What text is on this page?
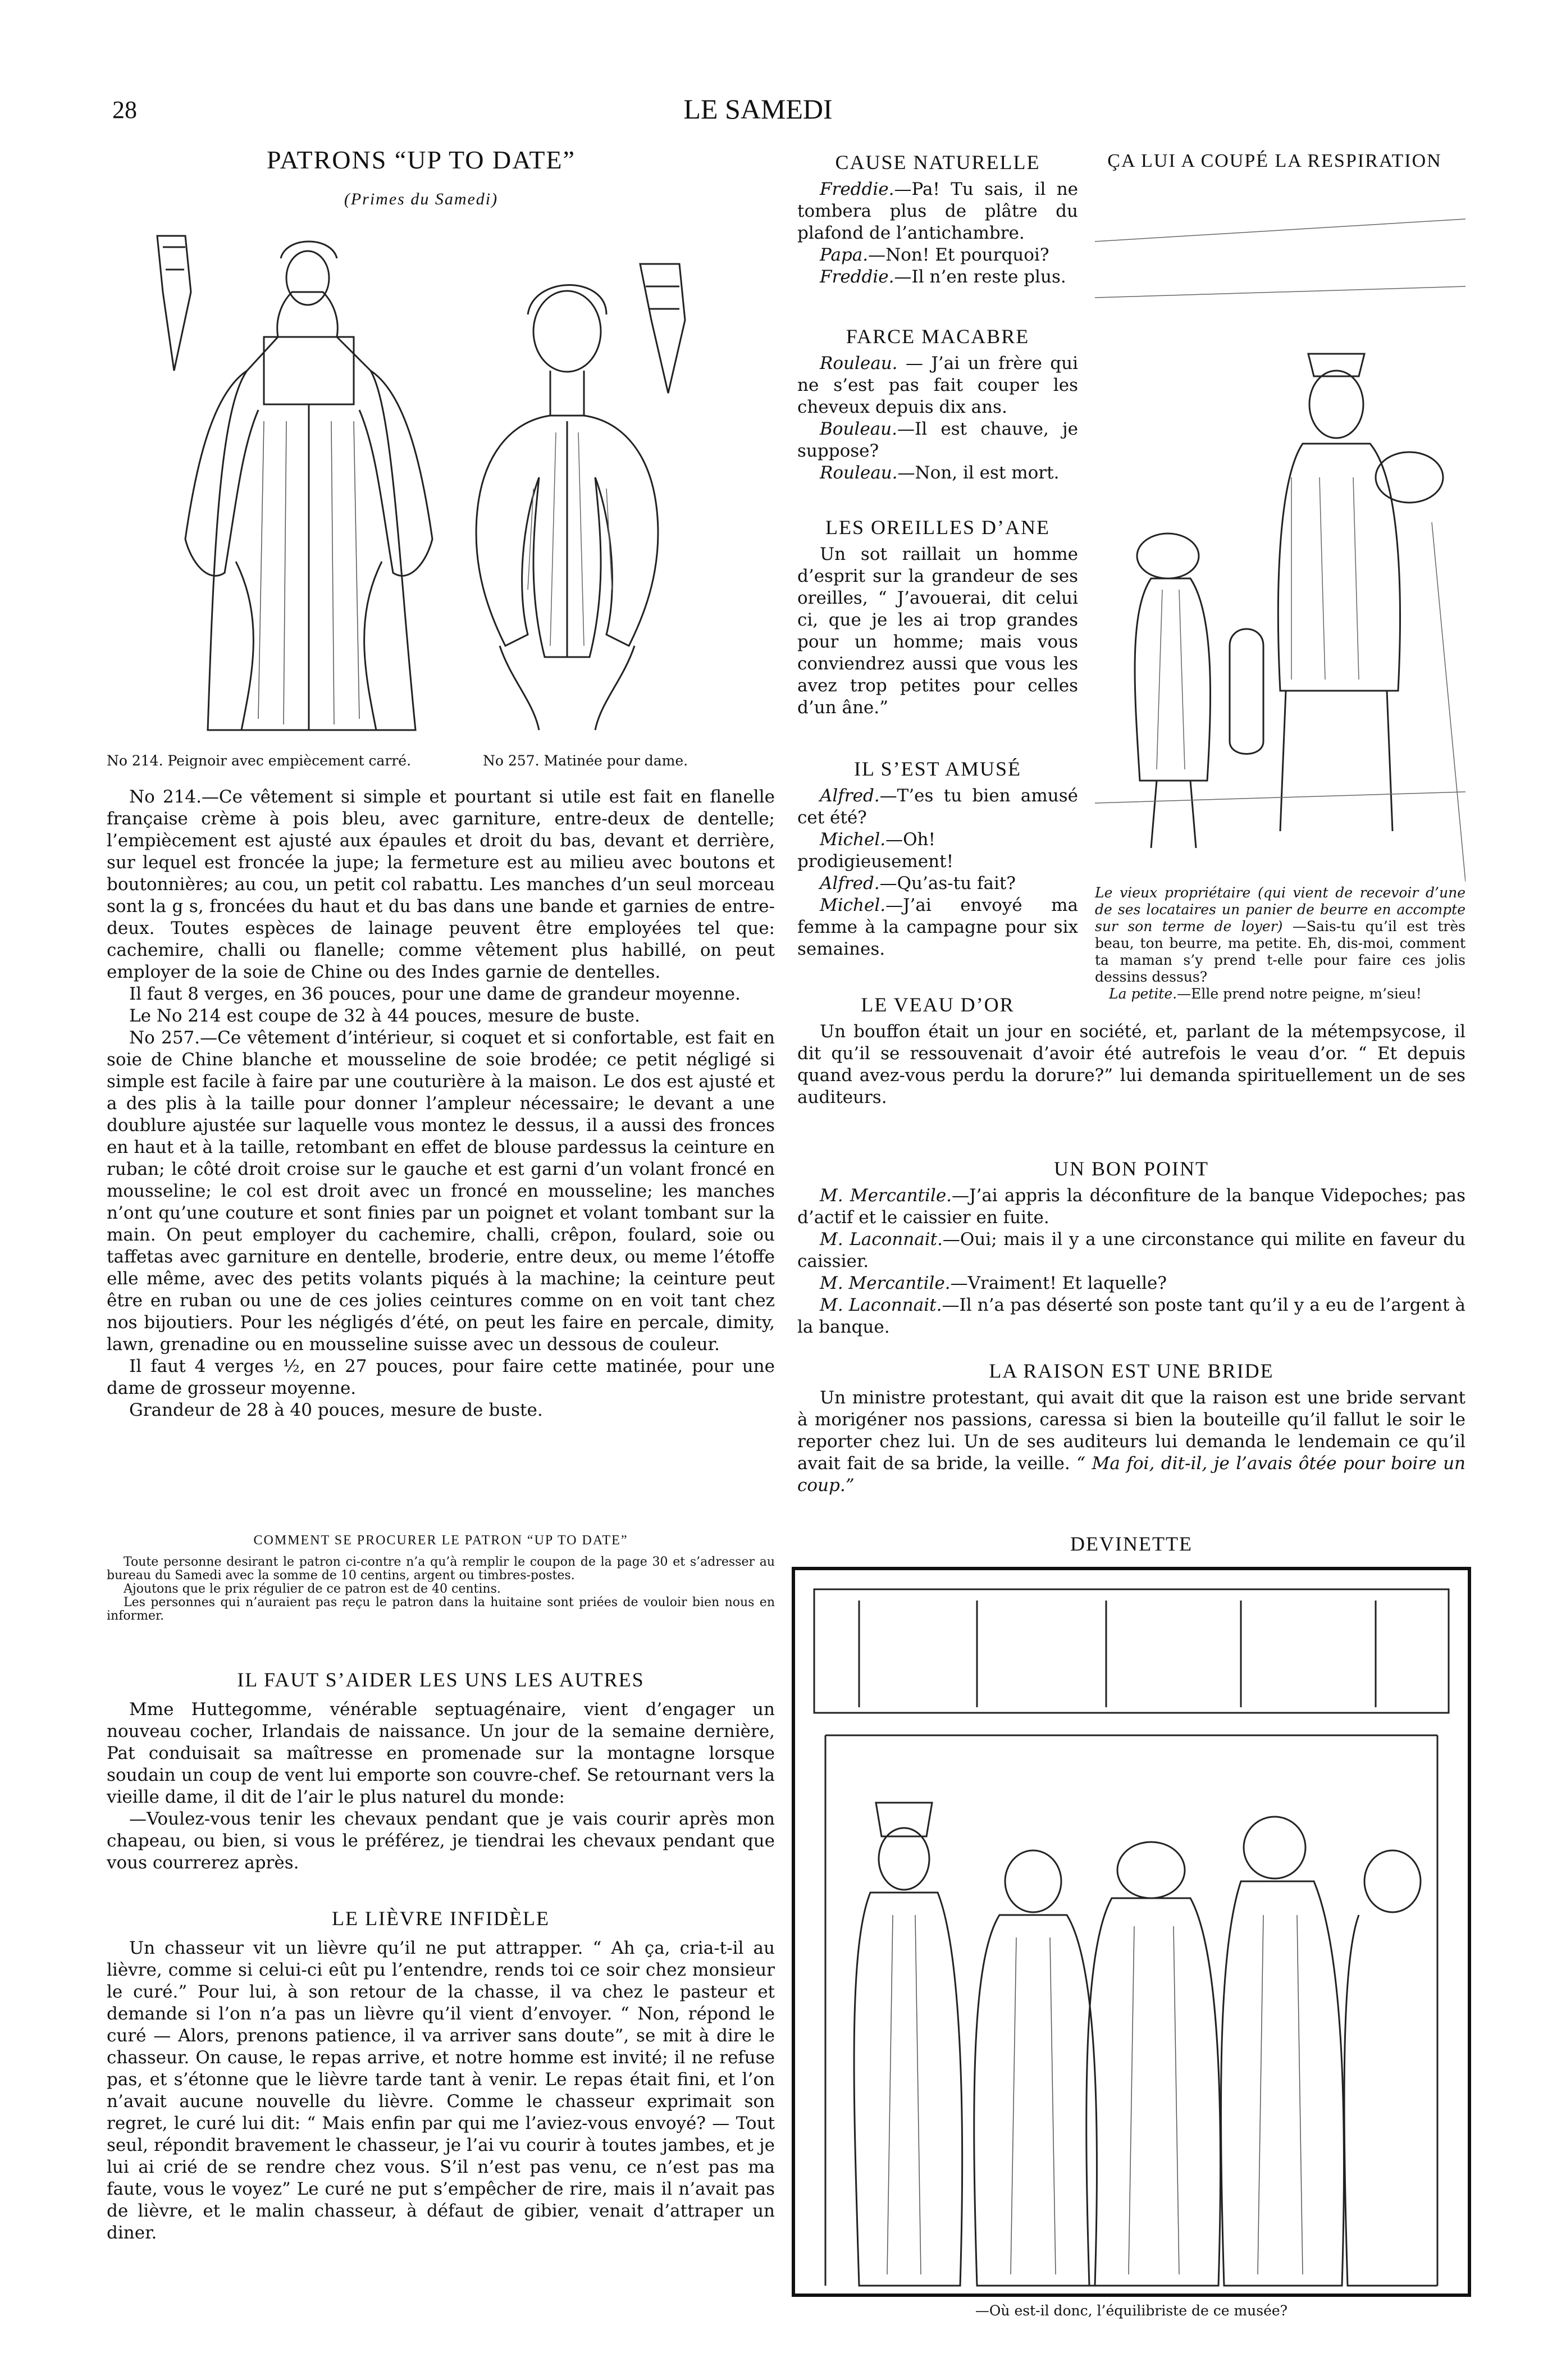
28	LE SAMEDI
PATRONS “UP TO DATE”
(Primes du Samedi)
No 214. Peignoir avec empiècement carré.	No 257. Matinée pour dame.

No 214.—Ce vêtement si simple et pourtant si utile est fait en flanelle française crème à pois bleu, avec garniture, entre-deux de dentelle; l’empiècement est ajusté aux épaules et droit du bas, devant et derrière, sur lequel est froncée la jupe; la fermeture est au milieu avec boutons et boutonnières; au cou, un petit col rabattu. Les manches d’un seul morceau sont la g s, froncées du haut et du bas dans une bande et garnies de entre-deux. Toutes espèces de lainage peuvent être employées tel que: cachemire, challi ou flanelle; comme vêtement plus habillé, on peut employer de la soie de Chine ou des Indes garnie de dentelles.

Il faut 8 verges, en 36 pouces, pour une dame de grandeur moyenne.

Le No 214 est coupe de 32 à 44 pouces, mesure de buste.

No 257.—Ce vêtement d’intérieur, si coquet et si confortable, est fait en soie de Chine blanche et mousseline de soie brodée; ce petit négligé si simple est facile à faire par une couturière à la maison. Le dos est ajusté et a des plis à la taille pour donner l’ampleur nécessaire; le devant a une doublure ajustée sur laquelle vous montez le dessus, il a aussi des fronces en haut et à la taille, retombant en effet de blouse pardessus la ceinture en ruban; le côté droit croise sur le gauche et est garni d’un volant froncé en mousseline; le col est droit avec un froncé en mousseline; les manches n’ont qu’une couture et sont finies par un poignet et volant tombant sur la main. On peut employer du cachemire, challi, crêpon, foulard, soie ou taffetas avec garniture en dentelle, broderie, entre deux, ou meme l’étoffe elle même, avec des petits volants piqués à la machine; la ceinture peut être en ruban ou une de ces jolies ceintures comme on en voit tant chez nos bijoutiers. Pour les négligés d’été, on peut les faire en percale, dimity, lawn, grenadine ou en mousseline suisse avec un dessous de couleur.

Il faut 4 verges ½, en 27 pouces, pour faire cette matinée, pour une dame de grosseur moyenne.

Grandeur de 28 à 40 pouces, mesure de buste.

COMMENT SE PROCURER LE PATRON “UP TO DATE”
Toute personne desirant le patron ci-contre n’a qu’à remplir le coupon de la page 30 et s’adresser au bureau du Samedi avec la somme de 10 centins, argent ou timbres-postes.
Ajoutons que le prix régulier de ce patron est de 40 centins.
Les personnes qui n’auraient pas reçu le patron dans la huitaine sont priées de vouloir bien nous en informer.
IL FAUT S’AIDER LES UNS LES AUTRES

Mme Huttegomme, vénérable septuagénaire, vient d’engager un nouveau cocher, Irlandais de naissance. Un jour de la semaine dernière, Pat conduisait sa maîtresse en promenade sur la montagne lorsque soudain un coup de vent lui emporte son couvre-chef. Se retournant vers la vieille dame, il dit de l’air le plus naturel du monde:

—Voulez-vous tenir les chevaux pendant que je vais courir après mon chapeau, ou bien, si vous le préférez, je tiendrai les chevaux pendant que vous courrerez après.

LE LIÈVRE INFIDÈLE

Un chasseur vit un lièvre qu’il ne put attrapper. “ Ah ça, cria-t-il au lièvre, comme si celui-ci eût pu l’entendre, rends toi ce soir chez monsieur le curé.” Pour lui, à son retour de la chasse, il va chez le pasteur et demande si l’on n’a pas un lièvre qu’il vient d’envoyer. “ Non, répond le curé — Alors, prenons patience, il va arriver sans doute”, se mit à dire le chasseur. On cause, le repas arrive, et notre homme est invité; il ne refuse pas, et s’étonne que le lièvre tarde tant à venir. Le repas était fini, et l’on n’avait aucune nouvelle du lièvre. Comme le chasseur exprimait son regret, le curé lui dit: “ Mais enfin par qui me l’aviez-vous envoyé? — Tout seul, répondit bravement le chasseur, je l’ai vu courir à toutes jambes, et je lui ai crié de se rendre chez vous. S’il n’est pas venu, ce n’est pas ma faute, vous le voyez” Le curé ne put s’empêcher de rire, mais il n’avait pas de lièvre, et le malin chasseur, à défaut de gibier, venait d’attraper un diner.

CAUSE NATURELLE

Freddie.—Pa! Tu sais, il ne tombera plus de plâtre du plafond de l’antichambre.

Papa.—Non! Et pourquoi?

Freddie.—Il n’en reste plus.

FARCE MACABRE

Rouleau. — J’ai un frère qui ne s’est pas fait couper les cheveux depuis dix ans.

Bouleau.—Il est chauve, je suppose?

Rouleau.—Non, il est mort.

LES OREILLES D’ANE

Un sot raillait un homme d’esprit sur la grandeur de ses oreilles, “ J’avouerai, dit celui ci, que je les ai trop grandes pour un homme; mais vous conviendrez aussi que vous les avez trop petites pour celles d’un âne.”

IL S’EST AMUSÉ

Alfred.—T’es tu bien amusé cet été?

Michel.—Oh! prodigieusement!

Alfred.—Qu’as-tu fait?

Michel.—J’ai envoyé ma femme à la campagne pour six semaines.

ÇA LUI A COUPÉ LA RESPIRATION
Le vieux propriétaire (qui vient de recevoir d’une de ses locataires un panier de beurre en accompte sur son terme de loyer) —Sais-tu qu’il est très beau, ton beurre, ma petite. Eh, dis-moi, comment ta maman s’y prend t-elle pour faire ces jolis dessins dessus?
 La petite.—Elle prend notre peigne, m’sieu!
LE VEAU D’OR

Un bouffon était un jour en société, et, parlant de la métempsycose, il dit qu’il se ressouvenait d’avoir été autrefois le veau d’or. “ Et depuis quand avez-vous perdu la dorure?” lui demanda spirituellement un de ses auditeurs.

UN BON POINT

M. Mercantile.—J’ai appris la déconfiture de la banque Videpoches; pas d’actif et le caissier en fuite.

M. Laconnait.—Oui; mais il y a une circonstance qui milite en faveur du caissier.

M. Mercantile.—Vraiment! Et laquelle?

M. Laconnait.—Il n’a pas déserté son poste tant qu’il y a eu de l’argent à la banque.

LA RAISON EST UNE BRIDE

Un ministre protestant, qui avait dit que la raison est une bride servant à morigéner nos passions, caressa si bien la bouteille qu’il fallut le soir le reporter chez lui. Un de ses auditeurs lui demanda le lendemain ce qu’il avait fait de sa bride, la veille. “ Ma foi, dit-il, je l’avais ôtée pour boire un coup.”

DEVINETTE
—Où est-il donc, l’équilibriste de ce musée?
